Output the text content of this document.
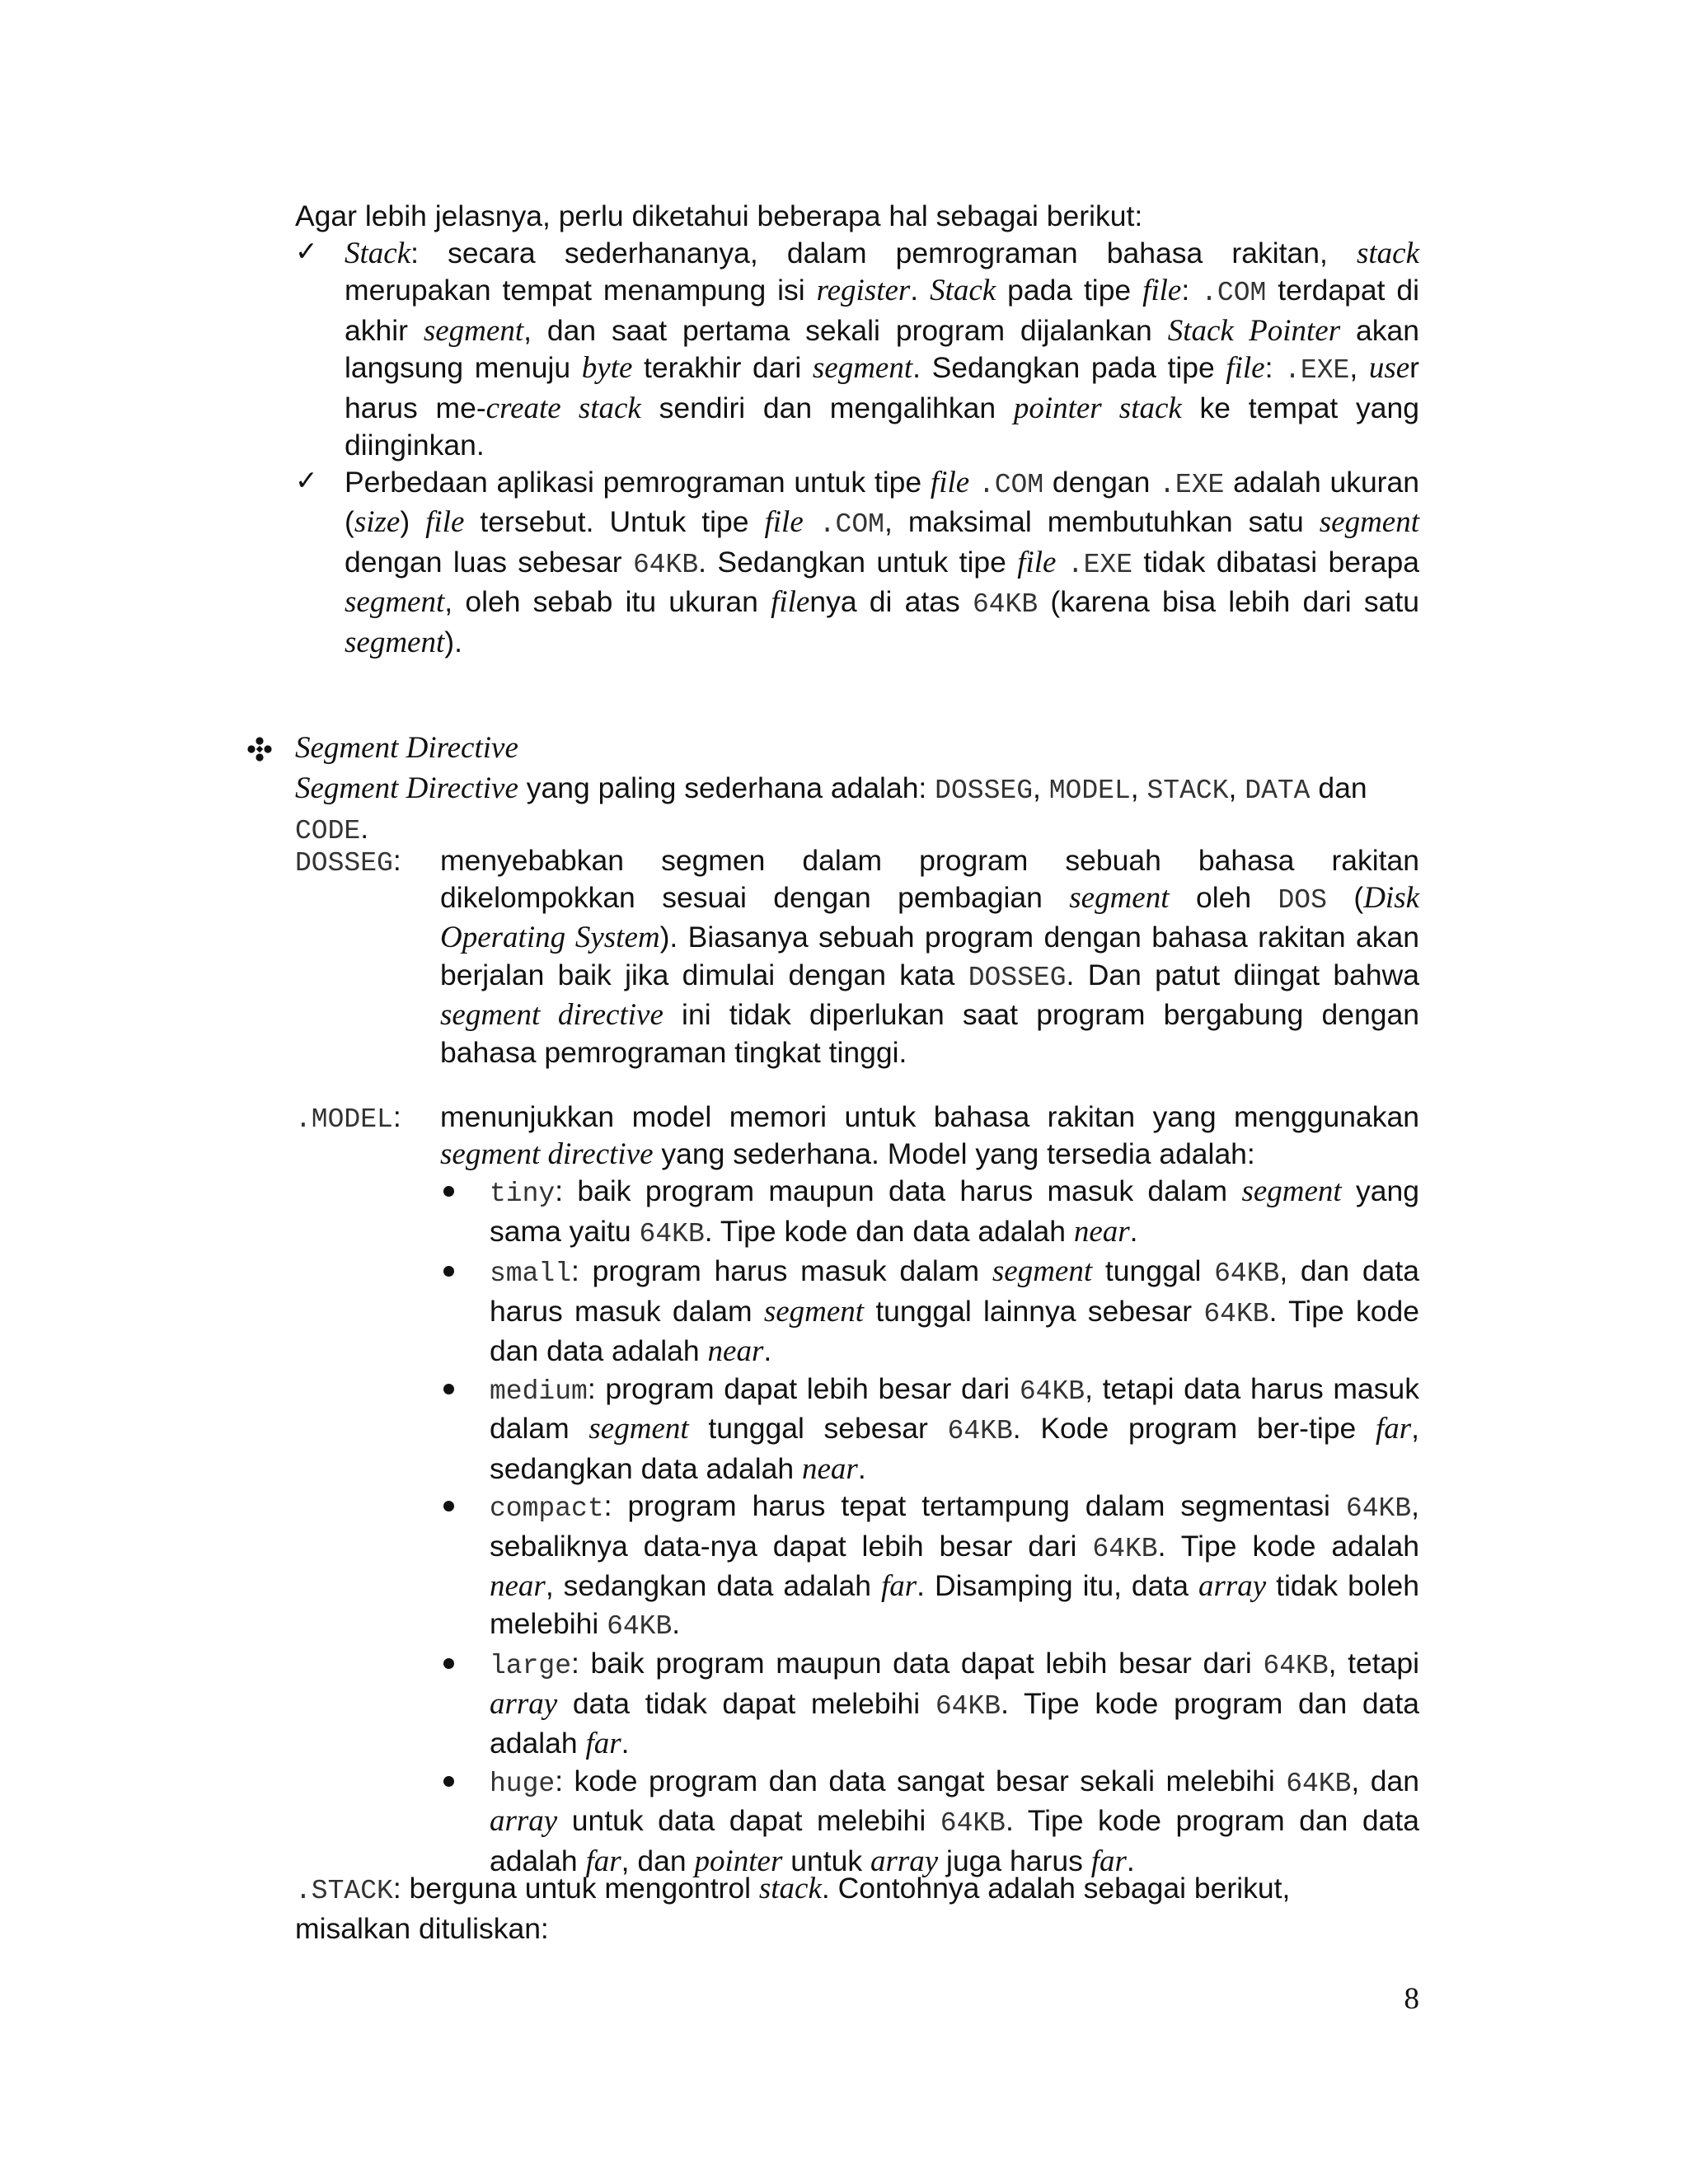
Agar lebih jelasnya, perlu diketahui beberapa hal sebagai berikut:

✓ Stack: secara sederhananya, dalam pemrograman bahasa rakitan, stack merupakan tempat menampung isi register. Stack pada tipe file: .COM terdapat di akhir segment, dan saat pertama sekali program dijalankan Stack Pointer akan langsung menuju byte terakhir dari segment. Sedangkan pada tipe file: .EXE, user harus me-create stack sendiri dan mengalihkan pointer stack ke tempat yang diinginkan.

✓ Perbedaan aplikasi pemrograman untuk tipe file .COM dengan .EXE adalah ukuran (size) file tersebut. Untuk tipe file .COM, maksimal membutuhkan satu segment dengan luas sebesar 64KB. Sedangkan untuk tipe file .EXE tidak dibatasi berapa segment, oleh sebab itu ukuran filenya di atas 64KB (karena bisa lebih dari satu segment).

Segment Directive

Segment Directive yang paling sederhana adalah: DOSSEG, MODEL, STACK, DATA dan
CODE.

DOSSEG: menyebabkan segmen dalam program sebuah bahasa rakitan dikelompokkan sesuai dengan pembagian segment oleh DOS (Disk Operating System). Biasanya sebuah program dengan bahasa rakitan akan berjalan baik jika dimulai dengan kata DOSSEG. Dan patut diingat bahwa segment directive ini tidak diperlukan saat program bergabung dengan bahasa pemrograman tingkat tinggi.

.MODEL: menunjukkan model memori untuk bahasa rakitan yang menggunakan segment directive yang sederhana. Model yang tersedia adalah:

tiny: baik program maupun data harus masuk dalam segment yang sama yaitu 64KB. Tipe kode dan data adalah near.

small: program harus masuk dalam segment tunggal 64KB, dan data harus masuk dalam segment tunggal lainnya sebesar 64KB. Tipe kode dan data adalah near.

medium: program dapat lebih besar dari 64KB, tetapi data harus masuk dalam segment tunggal sebesar 64KB. Kode program ber-tipe far, sedangkan data adalah near.

compact: program harus tepat tertampung dalam segmentasi 64KB, sebaliknya data-nya dapat lebih besar dari 64KB. Tipe kode adalah near, sedangkan data adalah far. Disamping itu, data array tidak boleh melebihi 64KB.

large: baik program maupun data dapat lebih besar dari 64KB, tetapi array data tidak dapat melebihi 64KB. Tipe kode program dan data adalah far.

huge: kode program dan data sangat besar sekali melebihi 64KB, dan array untuk data dapat melebihi 64KB. Tipe kode program dan data adalah far, dan pointer untuk array juga harus far.

.STACK: berguna untuk mengontrol stack. Contohnya adalah sebagai berikut,
misalkan dituliskan:

8
